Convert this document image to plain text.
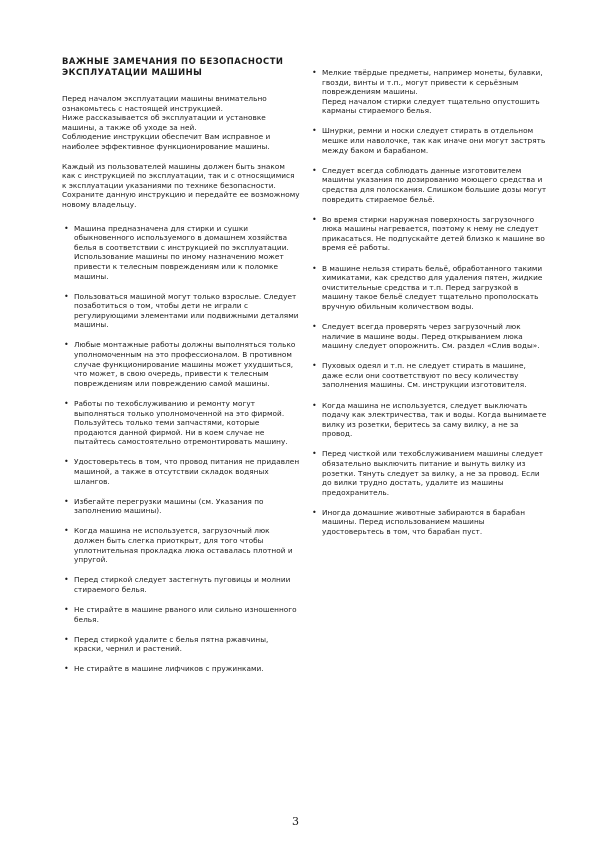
ВАЖНЫЕ ЗАМЕЧАНИЯ ПО БЕЗОПАСНОСТИ
ЭКСПЛУАТАЦИИ МАШИНЫ

Перед началом эксплуатации машины внимательно ознакомьтесь с настоящей инструкцией.

Ниже рассказывается об эксплуатации и установке машины, а также об уходе за ней.

Соблюдение инструкции обеспечит Вам исправное и наиболее эффективное функционирование машины.

Каждый из пользователей машины должен быть знаком как с инструкцией по эксплуатации, так и с относящимися к эксплуатации указаниями по технике безопасности. Сохраните данную инструкцию и передайте ее возможному новому владельцу.

• Машина предназначена для стирки и сушки обыкновенного используемого в домашнем хозяйства белья в соответствии с инструкцией по эксплуатации.

Использование машины по иному назначению может привести к телесным повреждениям или к поломке машины.

• Пользоваться машиной могут только взрослые. Следует позаботиться о том, чтобы дети не играли с регулирующими элементами или подвижными деталями машины.

• Любые монтажные работы должны выполняться только уполномоченным на это профессионалом. В противном случае функционирование машины может ухудшиться, что может, в свою очередь, привести к телесным повреждениям или повреждению самой машины.

• Работы по техобслуживанию и ремонту могут выполняться только уполномоченной на это фирмой. Пользуйтесь только теми запчастями, которые продаются данной фирмой. Ни в коем случае не пытайтесь самостоятельно отремонтировать машину.

• Удостоверьтесь в том, что провод питания не придавлен машиной, а также в отсутствии складок водяных шлангов.

• Избегайте перегрузки машины (см. Указания по заполнению машины).

• Когда машина не используется, загрузочный люк должен быть слегка приоткрыт, для того чтобы уплотнительная прокладка люка оставалась плотной и упругой.

• Перед стиркой следует застегнуть пуговицы и молнии стираемого белья.

• Не стирайте в машине рваного или сильно изношенного белья.

• Перед стиркой удалите с белья пятна ржавчины, краски, чернил и растений.

• Не стирайте в машине лифчиков с пружинками.

• Мелкие твёрдые предметы, например монеты, булавки, гвозди, винты и т.п., могут привести к серьёзным повреждениям машины.

Перед началом стирки следует тщательно опустошить карманы стираемого белья.

• Шнурки, ремни и носки следует стирать в отдельном мешке или наволочке, так как иначе они могут застрять между баком и барабаном.

• Следует всегда соблюдать данные изготовителем машины указания по дозированию моющего средства и средства для полоскания. Слишком большие дозы могут повредить стираемое бельё.

• Во время стирки наружная поверхность загрузочного люка машины нагревается, поэтому к нему не следует прикасаться. Не подпускайте детей близко к машине во время её работы.

• В машине нельзя стирать бельё, обработанного такими химикатами, как средство для удаления пятен, жидкие очистительные средства и т.п. Перед загрузкой в машину такое бельё следует тщательно прополоскать вручную обильным количеством воды.

• Следует всегда проверять через загрузочный люк наличие в машине воды. Перед открыванием люка машину следует опорожнить. См. раздел «Слив воды».

• Пуховых одеял и т.п. не следует стирать в машине, даже если они соответствуют по весу количеству заполнения машины. См. инструкции изготовителя.

• Когда машина не используется, следует выключать подачу как электричества, так и воды. Когда вынимаете вилку из розетки, беритесь за саму вилку, а не за провод.

• Перед чисткой или техобслуживанием машины следует обязательно выключить питание и вынуть вилку из розетки. Тянуть следует за вилку, а не за провод. Если до вилки трудно достать, удалите из машины предохранитель.

• Иногда домашние животные забираются в барабан машины. Перед использованием машины удостоверьтесь в том, что барабан пуст.

3
